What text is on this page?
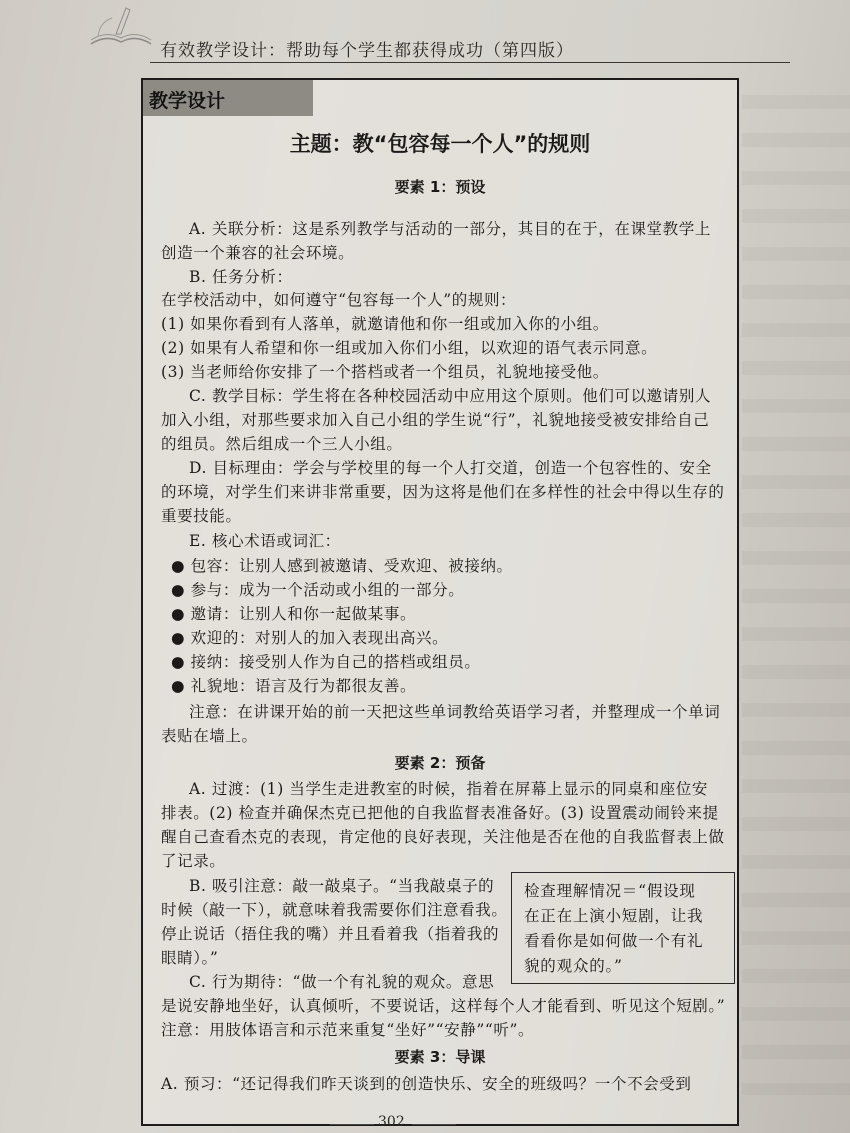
有效教学设计：帮助每个学生都获得成功（第四版）
教学设计
主题：教“包容每一个人”的规则
要素 1：预设
A. 关联分析：这是系列教学与活动的一部分，其目的在于，在课堂教学上
创造一个兼容的社会环境。
B. 任务分析：
在学校活动中，如何遵守“包容每一个人”的规则：
(1) 如果你看到有人落单，就邀请他和你一组或加入你的小组。
(2) 如果有人希望和你一组或加入你们小组，以欢迎的语气表示同意。
(3) 当老师给你安排了一个搭档或者一个组员，礼貌地接受他。
C. 教学目标：学生将在各种校园活动中应用这个原则。他们可以邀请别人
加入小组，对那些要求加入自己小组的学生说“行”，礼貌地接受被安排给自己
的组员。然后组成一个三人小组。
D. 目标理由：学会与学校里的每一个人打交道，创造一个包容性的、安全
的环境，对学生们来讲非常重要，因为这将是他们在多样性的社会中得以生存的
重要技能。
E. 核心术语或词汇：
● 包容：让别人感到被邀请、受欢迎、被接纳。
● 参与：成为一个活动或小组的一部分。
● 邀请：让别人和你一起做某事。
● 欢迎的：对别人的加入表现出高兴。
● 接纳：接受别人作为自己的搭档或组员。
● 礼貌地：语言及行为都很友善。
注意：在讲课开始的前一天把这些单词教给英语学习者，并整理成一个单词
表贴在墙上。
要素 2：预备
A. 过渡：(1) 当学生走进教室的时候，指着在屏幕上显示的同桌和座位安
排表。(2) 检查并确保杰克已把他的自我监督表准备好。(3) 设置震动闹铃来提
醒自己查看杰克的表现，肯定他的良好表现，关注他是否在他的自我监督表上做
了记录。
B. 吸引注意：敲一敲桌子。“当我敲桌子的
时候（敲一下），就意味着我需要你们注意看我。
停止说话（捂住我的嘴）并且看着我（指着我的
眼睛）。”
C. 行为期待：“做一个有礼貌的观众。意思
是说安静地坐好，认真倾听，不要说话，这样每个人才能看到、听见这个短剧。”
注意：用肢体语言和示范来重复“坐好”“安静”“听”。
检查理解情况＝“假设现
在正在上演小短剧，让我
看看你是如何做一个有礼
貌的观众的。”
要素 3：导课
A. 预习：“还记得我们昨天谈到的创造快乐、安全的班级吗？一个不会受到
302
